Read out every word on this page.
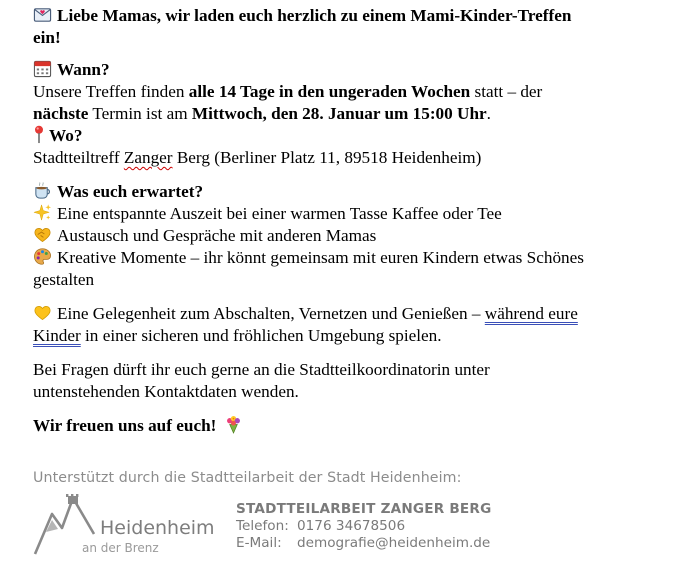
Liebe Mamas, wir laden euch herzlich zu einem Mami-Kinder-Treffen
ein!

Wann?

Unsere Treffen finden alle 14 Tage in den ungeraden Wochen statt – der

nächste Termin ist am Mittwoch, den 28. Januar um 15:00 Uhr.

Wo?

Stadtteiltreff Zanger Berg (Berliner Platz 11, 89518 Heidenheim)

Was euch erwartet?

Eine entspannte Auszeit bei einer warmen Tasse Kaffee oder Tee

Austausch und Gespräche mit anderen Mamas

Kreative Momente – ihr könnt gemeinsam mit euren Kindern etwas Schönes
gestalten

Eine Gelegenheit zum Abschalten, Vernetzen und Genießen – während eure
Kinder in einer sicheren und fröhlichen Umgebung spielen.

Bei Fragen dürft ihr euch gerne an die Stadtteilkoordinatorin unter
untenstehenden Kontaktdaten wenden.

Wir freuen uns auf euch!

Unterstützt durch die Stadtteilarbeit der Stadt Heidenheim:
Heidenheim
an der Brenz
STADTTEILARBEIT ZANGER BERG
Telefon: 0176 34678506
E-Mail: demografie@heidenheim.de
